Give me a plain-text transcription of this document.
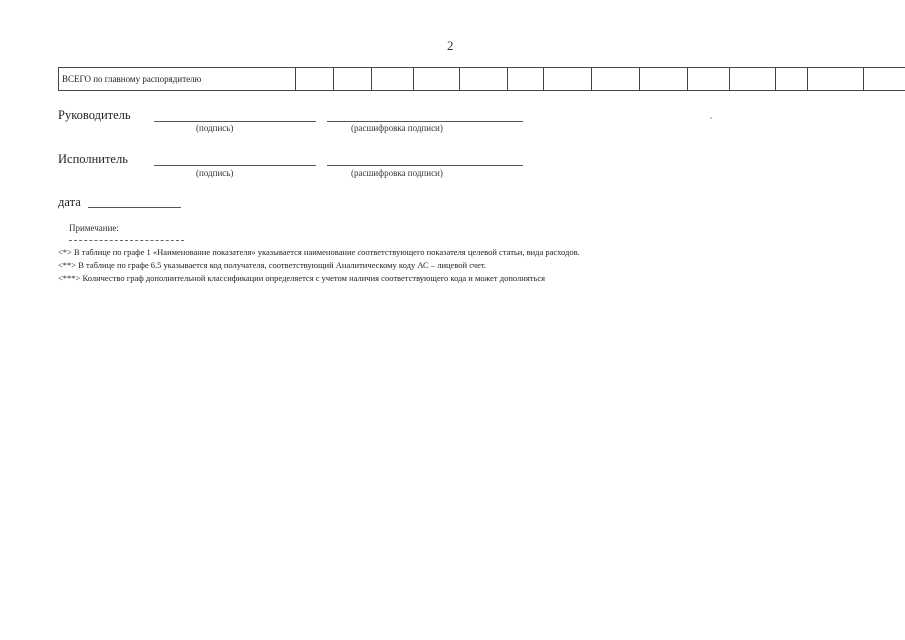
2
ВСЕГО по главному распорядителю														
Руководитель
(подпись)	(расшифровка подписи)
Исполнитель
(подпись)	(расшифровка подписи)
дата
Примечание:
<*> В таблице по графе 1 «Наименование показателя» указывается наименование соответствующего показателя целевой статьи, вида расходов.
<**> В таблице по графе 6.5 указывается код получателя, соответствующий Аналитическому коду АС – лицевой счет.
<***> Количество граф дополнительной классификации определяется с учетом наличия соответствующего кода и может дополняться
